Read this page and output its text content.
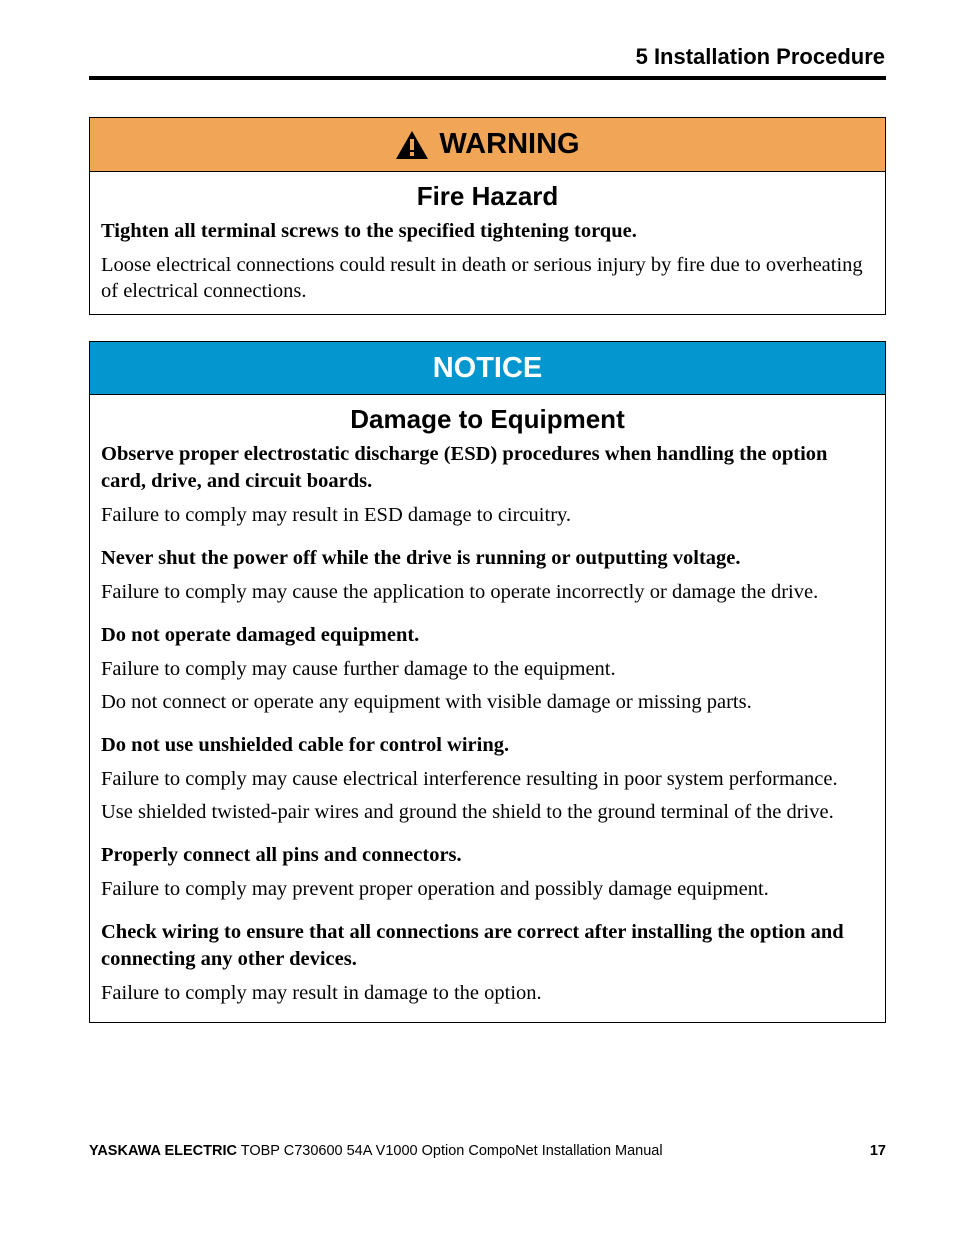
5 Installation Procedure
WARNING
Fire Hazard

Tighten all terminal screws to the specified tightening torque.

Loose electrical connections could result in death or serious injury by fire due to overheating of electrical connections.

NOTICE
Damage to Equipment

Observe proper electrostatic discharge (ESD) procedures when handling the option card, drive, and circuit boards.

Failure to comply may result in ESD damage to circuitry.

Never shut the power off while the drive is running or outputting voltage.

Failure to comply may cause the application to operate incorrectly or damage the drive.

Do not operate damaged equipment.

Failure to comply may cause further damage to the equipment.

Do not connect or operate any equipment with visible damage or missing parts.

Do not use unshielded cable for control wiring.

Failure to comply may cause electrical interference resulting in poor system performance.

Use shielded twisted-pair wires and ground the shield to the ground terminal of the drive.

Properly connect all pins and connectors.

Failure to comply may prevent proper operation and possibly damage equipment.

Check wiring to ensure that all connections are correct after installing the option and connecting any other devices.

Failure to comply may result in damage to the option.

YASKAWA ELECTRIC TOBP C730600 54A V1000 Option CompoNet Installation Manual	17
